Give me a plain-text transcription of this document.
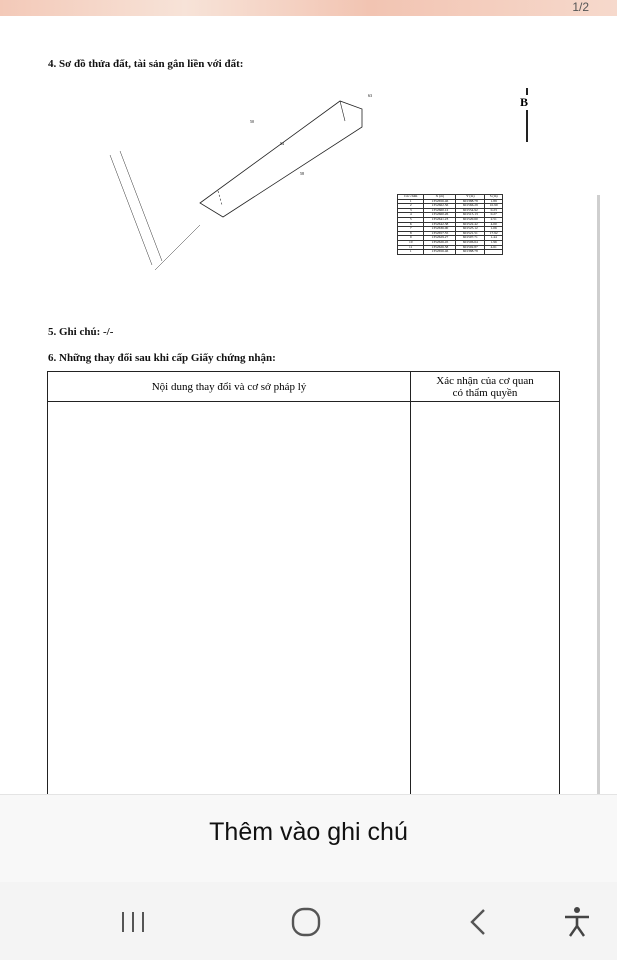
1/2
4. Sơ đồ thửa đất, tài sản gắn liền với đất:
54
50
58
63	B
Các chỉm	X (m)	Y (m)	S (m)
1	1352656.46	601388.78	1.89
2	1352662.56	601566.29	10.99
3	1352660.12	601554.92	0.23
4	1352660.26	601515.13	0.27
5	1352641.23	601520.60	2.51
6	1352642.38	601522.42	4.00
7	1352636.00	601525.12	1.06
8	1352657.55	601521.51	17.92
9	1352629.27	601507.71	1.44
10	1352626.45	601506.64	1.96
11	1352626.58	601502.87	4.61
1	1352656.46	601388.78	
5. Ghi chú: -/-
6. Những thay đổi sau khi cấp Giấy chứng nhận:
Nội dung thay đổi và cơ sở pháp lý	Xác nhận của cơ quan
có thẩm quyền

Thêm vào ghi chú
